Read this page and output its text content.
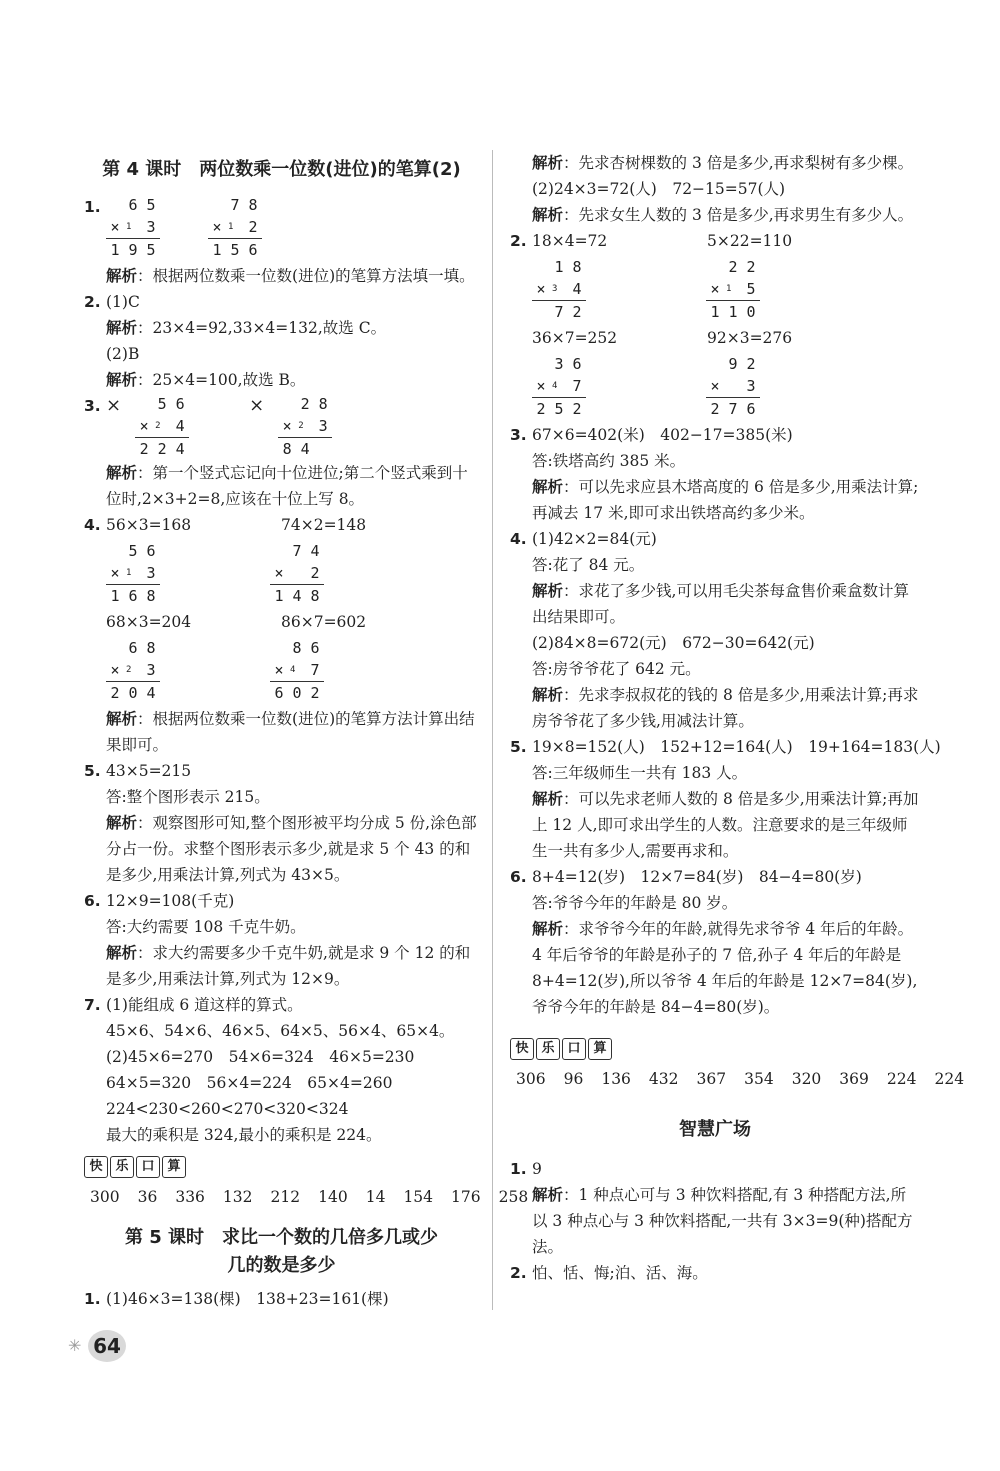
第 4 课时　两位数乘一位数(进位)的笔算(2)
1.	6 5
× 1 3
1 9 5
7 8
× 1 2
1 5 6
解析：根据两位数乘一位数(进位)的笔算方法填一填。
2. (1)C
解析：23×4=92,33×4=132,故选 C。
(2)B
解析：25×4=100,故选 B。
3. × 5 6
× 2 4
2 2 4
× 2 8
× 2 3
8 4
解析：第一个竖式忘记向十位进位;第二个竖式乘到十位时,2×3+2=8,应该在十位上写 8。
4. 56×3=168	74×2=148
5 6
× 1 3
1 6 8
7 4
× 2
1 4 8
68×3=204	86×7=602
6 8
× 2 3
2 0 4
8 6
× 4 7
6 0 2
解析：根据两位数乘一位数(进位)的笔算方法计算出结果即可。
5. 43×5=215
答:整个图形表示 215。
解析：观察图形可知,整个图形被平均分成 5 份,涂色部分占一份。求整个图形表示多少,就是求 5 个 43 的和是多少,用乘法计算,列式为 43×5。
6. 12×9=108(千克)
答:大约需要 108 千克牛奶。
解析：求大约需要多少千克牛奶,就是求 9 个 12 的和是多少,用乘法计算,列式为 12×9。
7. (1)能组成 6 道这样的算式。
45×6、54×6、46×5、64×5、56×4、65×4。
(2)45×6=270　54×6=324　46×5=230
64×5=320　56×4=224　65×4=260
224<230<260<270<320<324
最大的乘积是 324,最小的乘积是 224。
快 乐 口 算
300 36 336 132 212 140 14 154 176 258
第 5 课时　求比一个数的几倍多几或少几的数是多少
1. (1)46×3=138(棵)　138+23=161(棵)
解析：先求杏树棵数的 3 倍是多少,再求梨树有多少棵。
(2)24×3=72(人)　72−15=57(人)
解析：先求女生人数的 3 倍是多少,再求男生有多少人。
2. 18×4=72	5×22=110
1 8
× 3 4
7 2
2 2
× 1 5
1 1 0
36×7=252	92×3=276
3 6
× 4 7
2 5 2
9 2
× 3
2 7 6
3. 67×6=402(米)　402−17=385(米)
答:铁塔高约 385 米。
解析：可以先求应县木塔高度的 6 倍是多少,用乘法计算;再减去 17 米,即可求出铁塔高约多少米。
4. (1)42×2=84(元)
答:花了 84 元。
解析：求花了多少钱,可以用毛尖茶每盒售价乘盒数计算出结果即可。
(2)84×8=672(元)　672−30=642(元)
答:房爷爷花了 642 元。
解析：先求李叔叔花的钱的 8 倍是多少,用乘法计算;再求房爷爷花了多少钱,用减法计算。
5. 19×8=152(人)　152+12=164(人)　19+164=183(人)
答:三年级师生一共有 183 人。
解析：可以先求老师人数的 8 倍是多少,用乘法计算;再加上 12 人,即可求出学生的人数。注意要求的是三年级师生一共有多少人,需要再求和。
6. 8+4=12(岁)　12×7=84(岁)　84−4=80(岁)
答:爷爷今年的年龄是 80 岁。
解析：求爷爷今年的年龄,就得先求爷爷 4 年后的年龄。4 年后爷爷的年龄是孙子的 7 倍,孙子 4 年后的年龄是 8+4=12(岁),所以爷爷 4 年后的年龄是 12×7=84(岁),爷爷今年的年龄是 84−4=80(岁)。
快 乐 口 算
306 96 136 432 367 354 320 369 224 224
智慧广场
1. 9
解析：1 种点心可与 3 种饮料搭配,有 3 种搭配方法,所以 3 种点心与 3 种饮料搭配,一共有 3×3=9(种)搭配方法。
2. 怕、恬、悔;泊、活、海。
✳ 64
